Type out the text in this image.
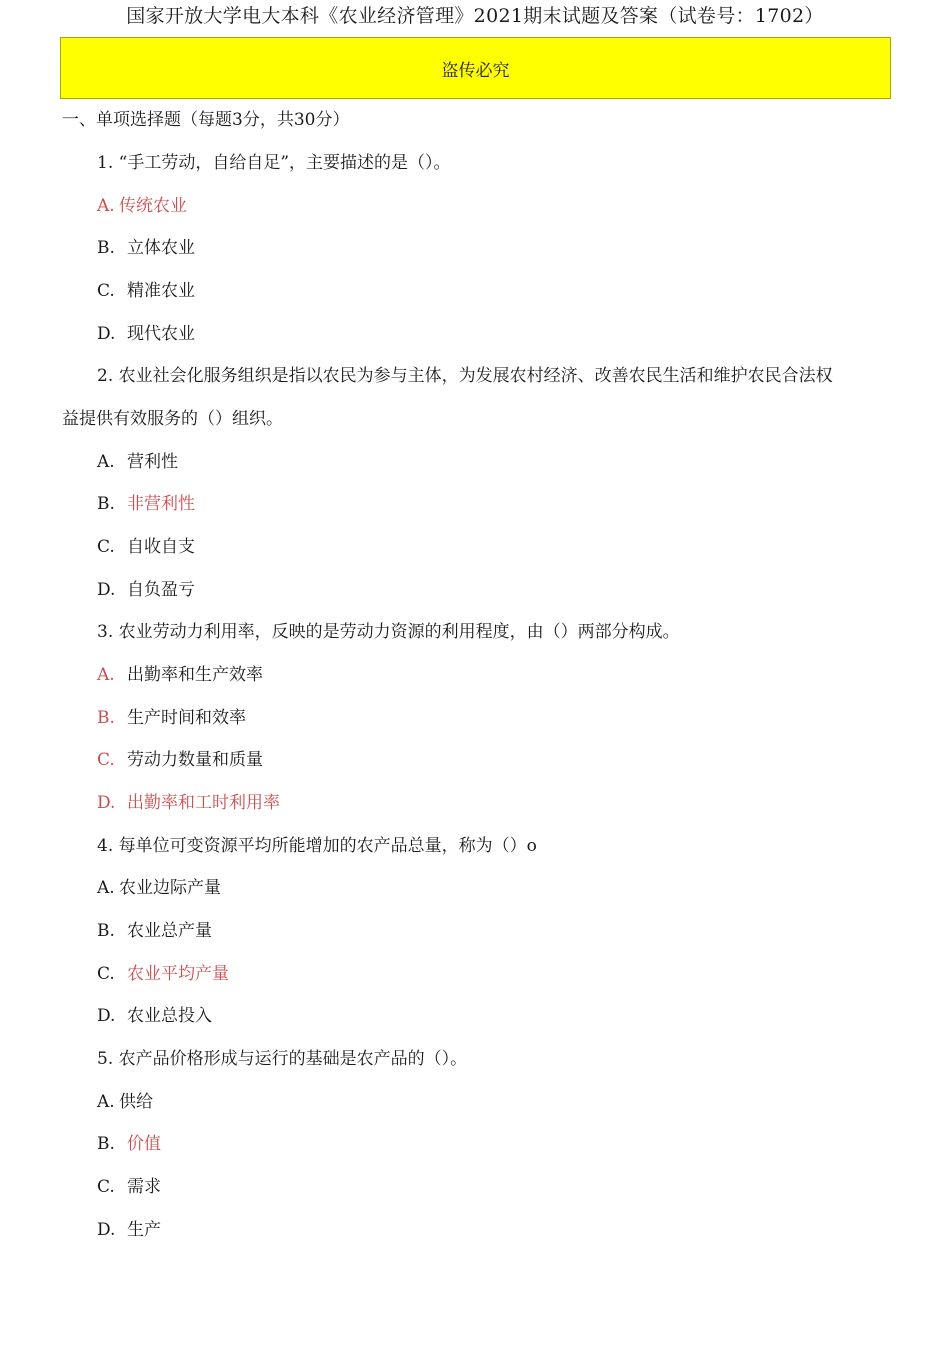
国家开放大学电大本科《农业经济管理》2021期末试题及答案（试卷号：1702）
盗传必究
一、单项选择题（每题3分，共30分）
1. “手工劳动，自给自足”，主要描述的是（）。
A. 传统农业
B. 立体农业
C. 精准农业
D. 现代农业
2. 农业社会化服务组织是指以农民为参与主体，为发展农村经济、改善农民生活和维护农民合法权
益提供有效服务的（）组织。
A. 营利性
B. 非营利性
C. 自收自支
D. 自负盈亏
3. 农业劳动力利用率，反映的是劳动力资源的利用程度，由（）两部分构成。
A. 出勤率和生产效率
B. 生产时间和效率
C. 劳动力数量和质量
D. 出勤率和工时利用率
4. 每单位可变资源平均所能增加的农产品总量，称为（）o
A. 农业边际产量
B. 农业总产量
C. 农业平均产量
D. 农业总投入
5. 农产品价格形成与运行的基础是农产品的（）。
A. 供给
B. 价值
C. 需求
D. 生产
